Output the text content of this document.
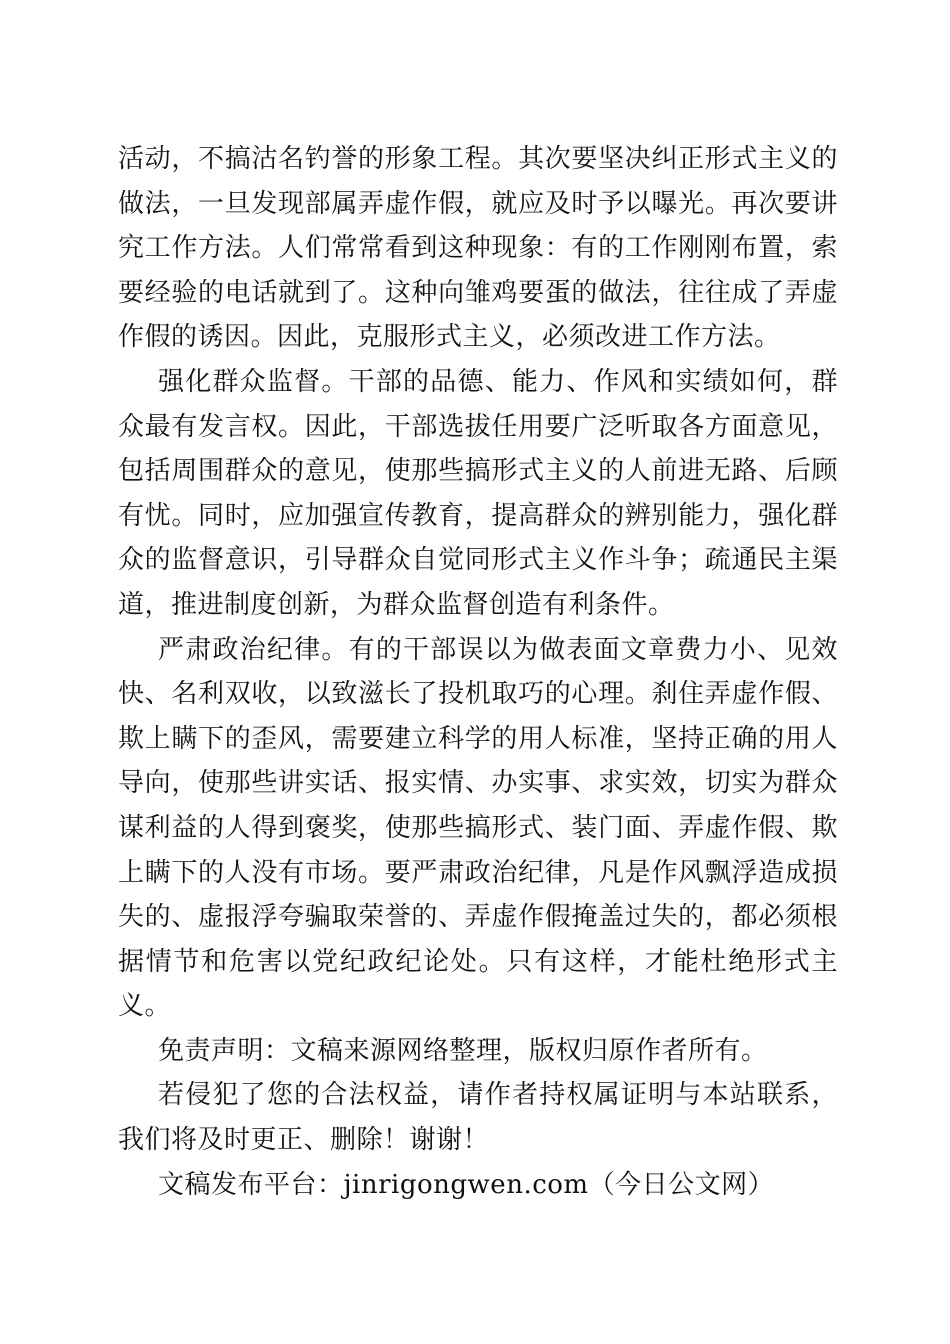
活动，不搞沽名钓誉的形象工程。其次要坚决纠正形式主义的做法，一旦发现部属弄虚作假，就应及时予以曝光。再次要讲究工作方法。人们常常看到这种现象：有的工作刚刚布置，索要经验的电话就到了。这种向雏鸡要蛋的做法，往往成了弄虚作假的诱因。因此，克服形式主义，必须改进工作方法。

强化群众监督。干部的品德、能力、作风和实绩如何，群众最有发言权。因此，干部选拔任用要广泛听取各方面意见，包括周围群众的意见，使那些搞形式主义的人前进无路、后顾有忧。同时，应加强宣传教育，提高群众的辨别能力，强化群众的监督意识，引导群众自觉同形式主义作斗争；疏通民主渠道，推进制度创新，为群众监督创造有利条件。

严肃政治纪律。有的干部误以为做表面文章费力小、见效快、名利双收，以致滋长了投机取巧的心理。刹住弄虚作假、欺上瞒下的歪风，需要建立科学的用人标准，坚持正确的用人导向，使那些讲实话、报实情、办实事、求实效，切实为群众谋利益的人得到褒奖，使那些搞形式、装门面、弄虚作假、欺上瞒下的人没有市场。要严肃政治纪律，凡是作风飘浮造成损失的、虚报浮夸骗取荣誉的、弄虚作假掩盖过失的，都必须根据情节和危害以党纪政纪论处。只有这样，才能杜绝形式主义。

免责声明：文稿来源网络整理，版权归原作者所有。

若侵犯了您的合法权益，请作者持权属证明与本站联系，我们将及时更正、删除！谢谢！

文稿发布平台：jinrigongwen.com（今日公文网）
